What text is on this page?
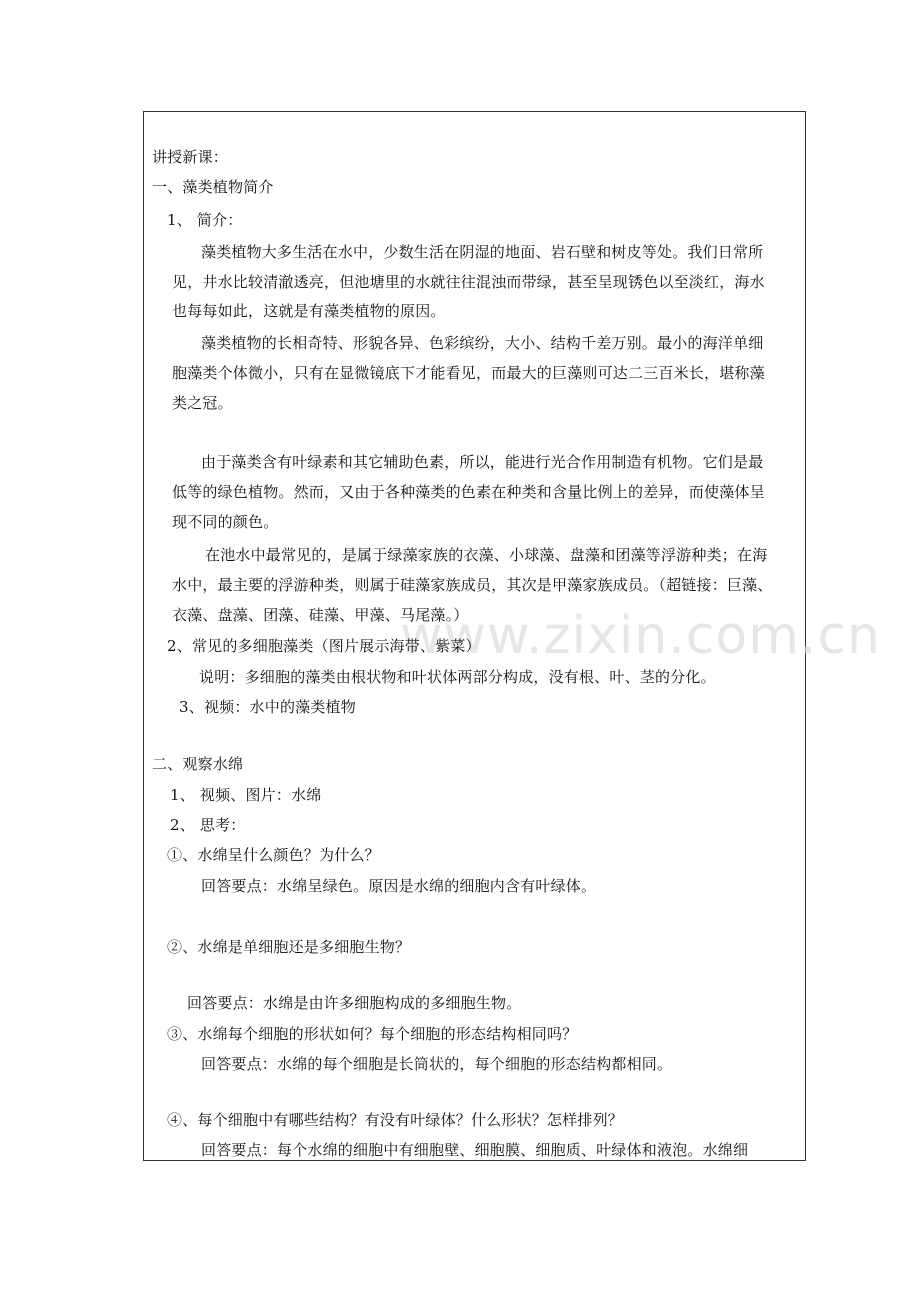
www.zixin.com.cn
讲授新课：
一、藻类植物简介
1、 简介：
藻类植物大多生活在水中，少数生活在阴湿的地面、岩石壁和树皮等处。我们日常所
见，井水比较清澈透亮，但池塘里的水就往往混浊而带绿，甚至呈现锈色以至淡红，海水
也每每如此，这就是有藻类植物的原因。
藻类植物的长相奇特、形貌各异、色彩缤纷，大小、结构千差万别。最小的海洋单细
胞藻类个体微小，只有在显微镜底下才能看见，而最大的巨藻则可达二三百米长，堪称藻
类之冠。
由于藻类含有叶绿素和其它辅助色素，所以，能进行光合作用制造有机物。它们是最
低等的绿色植物。然而，又由于各种藻类的色素在种类和含量比例上的差异，而使藻体呈
现不同的颜色。
在池水中最常见的，是属于绿藻家族的衣藻、小球藻、盘藻和团藻等浮游种类；在海
水中，最主要的浮游种类，则属于硅藻家族成员，其次是甲藻家族成员。（超链接：巨藻、
衣藻、盘藻、团藻、硅藻、甲藻、马尾藻。）
2、常见的多细胞藻类（图片展示海带、紫菜）
说明：多细胞的藻类由根状物和叶状体两部分构成，没有根、叶、茎的分化。
3、视频：水中的藻类植物
二、观察水绵
1、 视频、图片：水绵
2、 思考：
①、水绵呈什么颜色？为什么？
回答要点：水绵呈绿色。原因是水绵的细胞内含有叶绿体。
②、水绵是单细胞还是多细胞生物？
回答要点：水绵是由许多细胞构成的多细胞生物。
③、水绵每个细胞的形状如何？每个细胞的形态结构相同吗？
回答要点：水绵的每个细胞是长筒状的，每个细胞的形态结构都相同。
④、每个细胞中有哪些结构？有没有叶绿体？什么形状？怎样排列？
回答要点：每个水绵的细胞中有细胞壁、细胞膜、细胞质、叶绿体和液泡。水绵细
